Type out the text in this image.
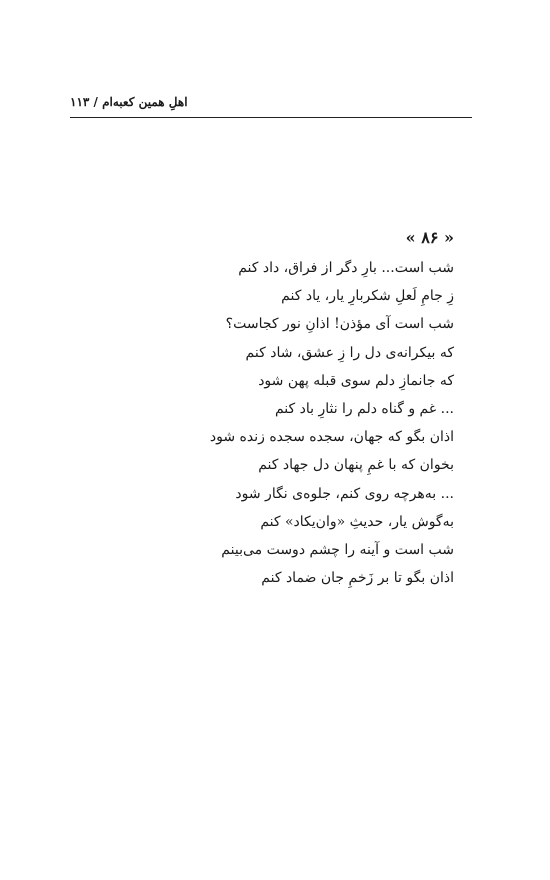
اهلِ همین کعبه‌ام / ۱۱۳
« ۸۶ »
شب است... بارِ دگر از فراق، داد کنم
زِ جامِ لَعلِ شکربارِ یار، یاد کنم
شب است آی مؤذن! اذانِ نور کجاست؟
که بیکرانه‌ی دل را زِ عشق، شاد کنم
که جانمازِ دلم سوی قبله پهن شود
... غم و گناه دلم را نثارِ باد کنم
اذان بگو که جهان، سجده سجده زنده شود
بخوان که با غمِ پنهان دل جهاد کنم
... به‌هرچه روی کنم، جلوه‌ی نگار شود
به‌گوش یار، حدیثِ «وان‌یکاد» کنم
شب است و آینه را چشم دوست می‌بینم
اذان بگو تا بر زَخمِ جان ضماد کنم
